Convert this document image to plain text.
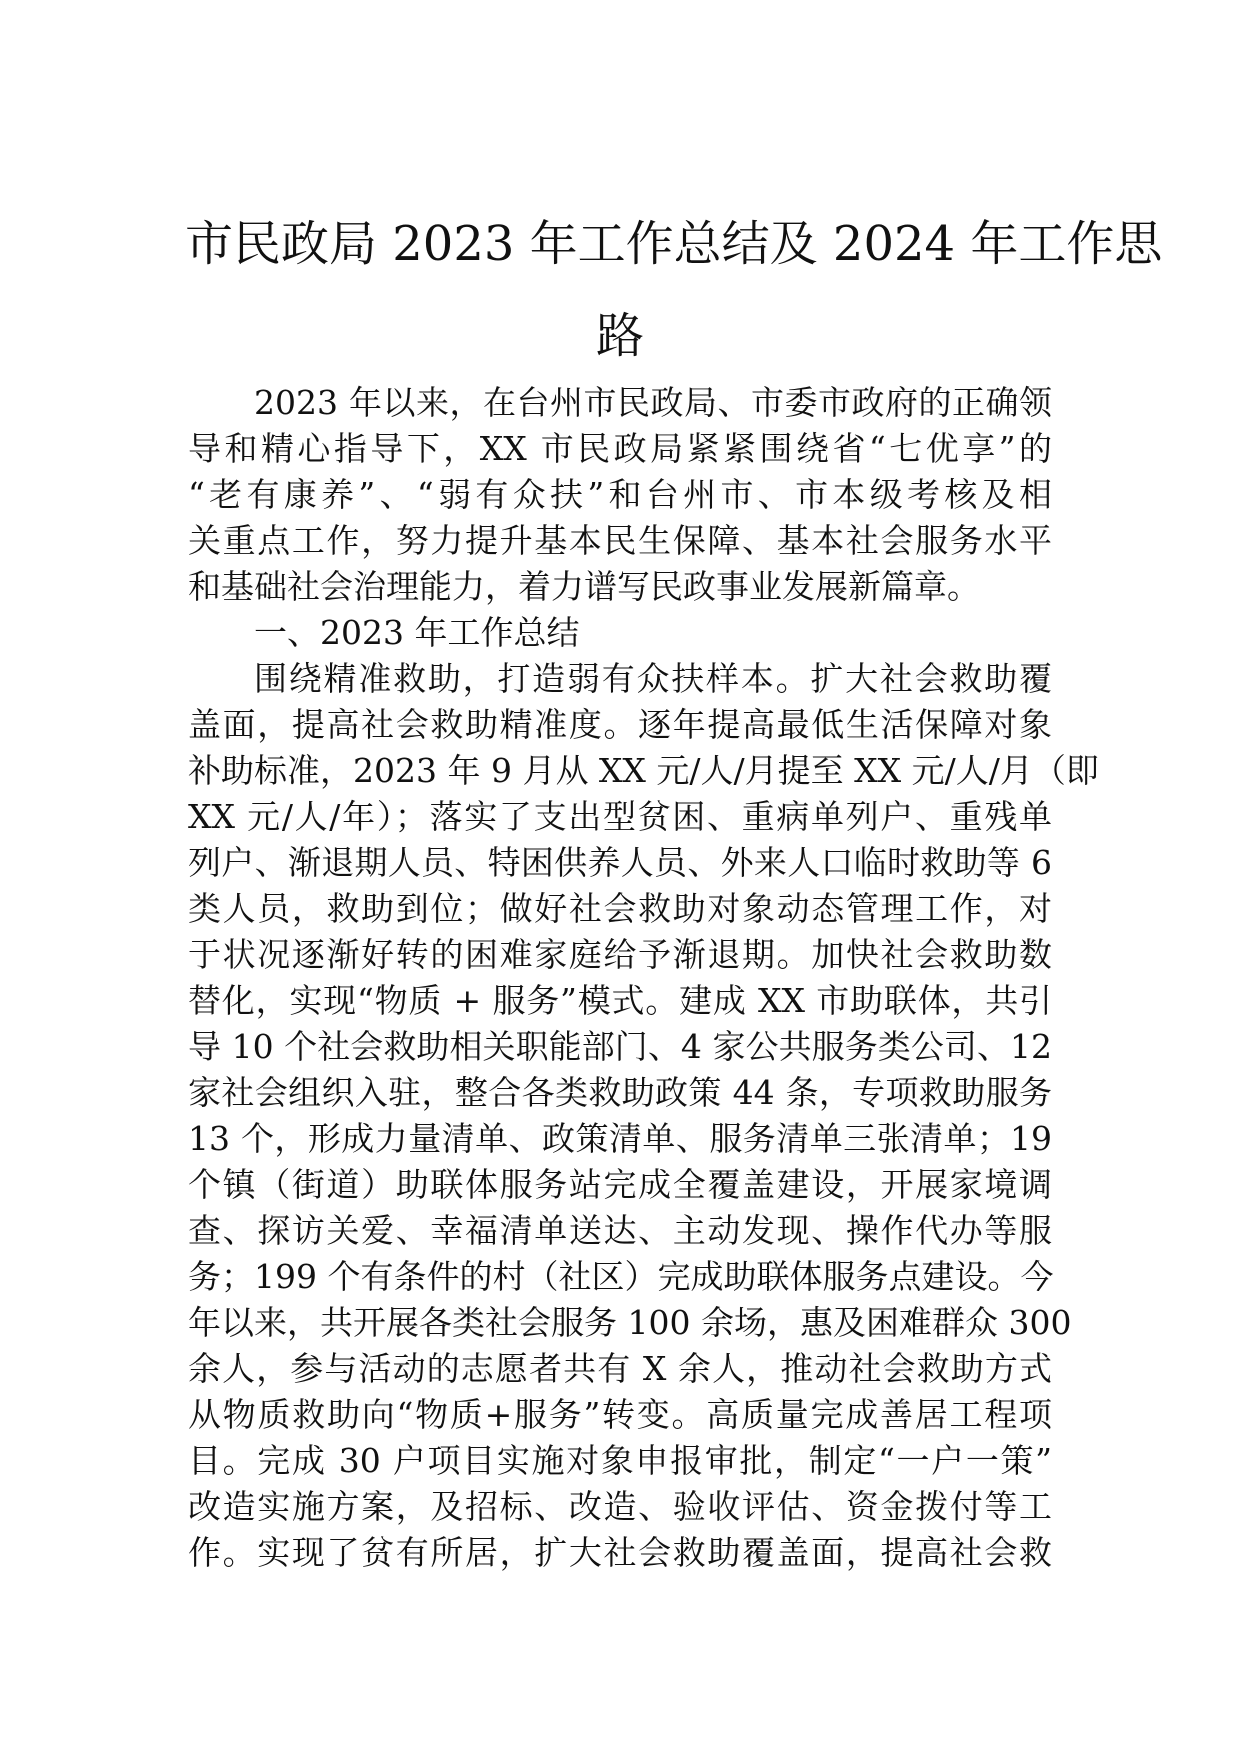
市民政局 2023 年工作总结及 2024 年工作思
路
2023 年以来，在台州市民政局、市委市政府的正确领
导和精心指导下，XX 市民政局紧紧围绕省“七优享”的
“老有康养”、“弱有众扶”和台州市、市本级考核及相
关重点工作，努力提升基本民生保障、基本社会服务水平
和基础社会治理能力，着力谱写民政事业发展新篇章。
一、2023 年工作总结
围绕精准救助，打造弱有众扶样本。扩大社会救助覆
盖面，提高社会救助精准度。逐年提高最低生活保障对象
补助标准，2023 年 9 月从 XX 元/人/月提至 XX 元/人/月（即
XX 元/人/年）；落实了支出型贫困、重病单列户、重残单
列户、渐退期人员、特困供养人员、外来人口临时救助等 6
类人员，救助到位；做好社会救助对象动态管理工作，对
于状况逐渐好转的困难家庭给予渐退期。加快社会救助数
替化，实现“物质 + 服务”模式。建成 XX 市助联体，共引
导 10 个社会救助相关职能部门、4 家公共服务类公司、12
家社会组织入驻，整合各类救助政策 44 条，专项救助服务
13 个，形成力量清单、政策清单、服务清单三张清单；19
个镇（街道）助联体服务站完成全覆盖建设，开展家境调
查、探访关爱、幸福清单送达、主动发现、操作代办等服
务；199 个有条件的村（社区）完成助联体服务点建设。今
年以来，共开展各类社会服务 100 余场，惠及困难群众 300
余人，参与活动的志愿者共有 X 余人，推动社会救助方式
从物质救助向“物质+服务”转变。高质量完成善居工程项
目。完成 30 户项目实施对象申报审批，制定“一户一策”
改造实施方案，及招标、改造、验收评估、资金拨付等工
作。实现了贫有所居，扩大社会救助覆盖面，提高社会救
